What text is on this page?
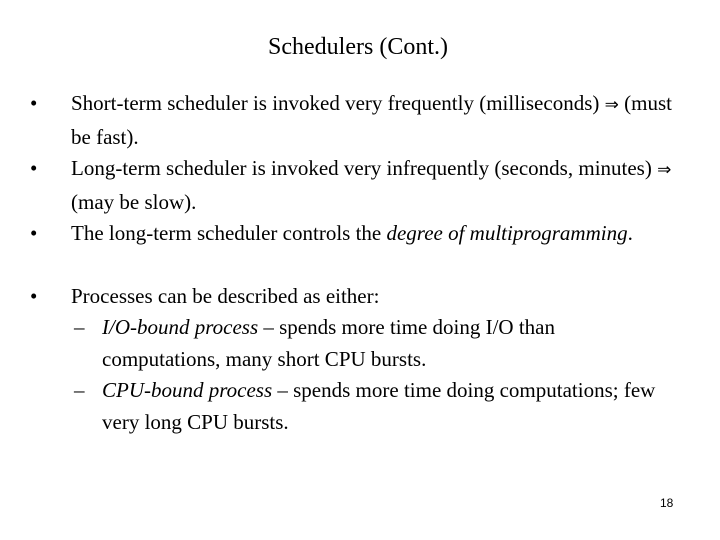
Schedulers (Cont.)
• Short-term scheduler is invoked very frequently (milliseconds) ⇒ (must be fast).
• Long-term scheduler is invoked very infrequently (seconds, minutes) ⇒ (may be slow).
• The long-term scheduler controls the degree of multiprogramming.
• Processes can be described as either:
– I/O-bound process – spends more time doing I/O than computations, many short CPU bursts.
– CPU-bound process – spends more time doing computations; few very long CPU bursts.
18
